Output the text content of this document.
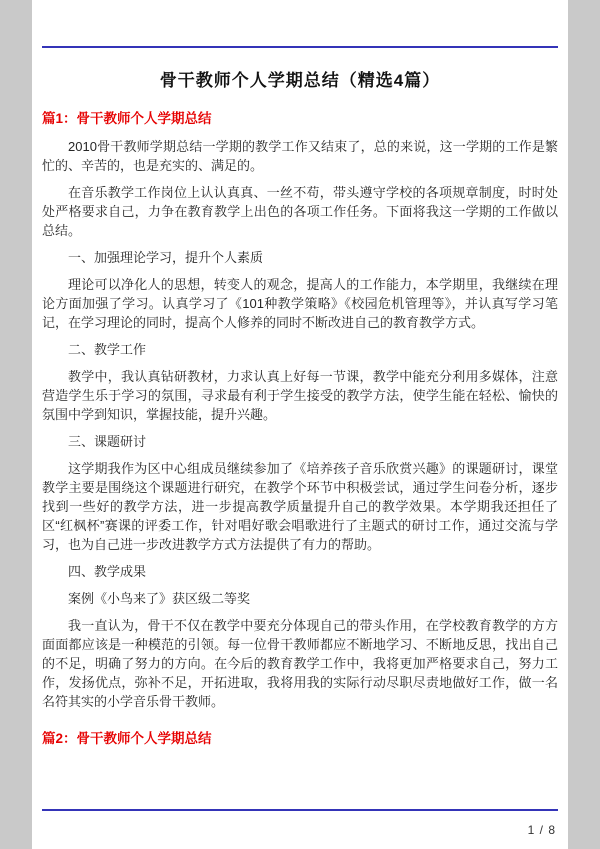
骨干教师个人学期总结（精选4篇）
篇1：骨干教师个人学期总结

2010骨干教师学期总结一学期的教学工作又结束了，总的来说，这一学期的工作是繁忙的、辛苦的，也是充实的、满足的。

在音乐教学工作岗位上认认真真、一丝不苟，带头遵守学校的各项规章制度，时时处处严格要求自己，力争在教育教学上出色的各项工作任务。下面将我这一学期的工作做以总结。

一、加强理论学习，提升个人素质

理论可以净化人的思想，转变人的观念，提高人的工作能力，本学期里，我继续在理论方面加强了学习。认真学习了《101种教学策略》《校园危机管理等》，并认真写学习笔记，在学习理论的同时，提高个人修养的同时不断改进自己的教育教学方式。

二、教学工作

教学中，我认真钻研教材，力求认真上好每一节课，教学中能充分利用多媒体，注意营造学生乐于学习的氛围，寻求最有利于学生接受的教学方法，使学生能在轻松、愉快的氛围中学到知识，掌握技能，提升兴趣。

三、课题研讨

这学期我作为区中心组成员继续参加了《培养孩子音乐欣赏兴趣》的课题研讨，课堂教学主要是围绕这个课题进行研究，在教学个环节中积极尝试，通过学生问卷分析，逐步找到一些好的教学方法，进一步提高教学质量提升自己的教学效果。本学期我还担任了区“红枫杯”赛课的评委工作，针对唱好歌会唱歌进行了主题式的研讨工作，通过交流与学习，也为自己进一步改进教学方式方法提供了有力的帮助。

四、教学成果

案例《小鸟来了》获区级二等奖

我一直认为，骨干不仅在教学中要充分体现自己的带头作用，在学校教育教学的方方面面都应该是一种模范的引领。每一位骨干教师都应不断地学习、不断地反思，找出自己的不足，明确了努力的方向。在今后的教育教学工作中，我将更加严格要求自己，努力工作，发扬优点，弥补不足，开拓进取，我将用我的实际行动尽职尽责地做好工作，做一名名符其实的小学音乐骨干教师。

篇2：骨干教师个人学期总结
1 / 8
